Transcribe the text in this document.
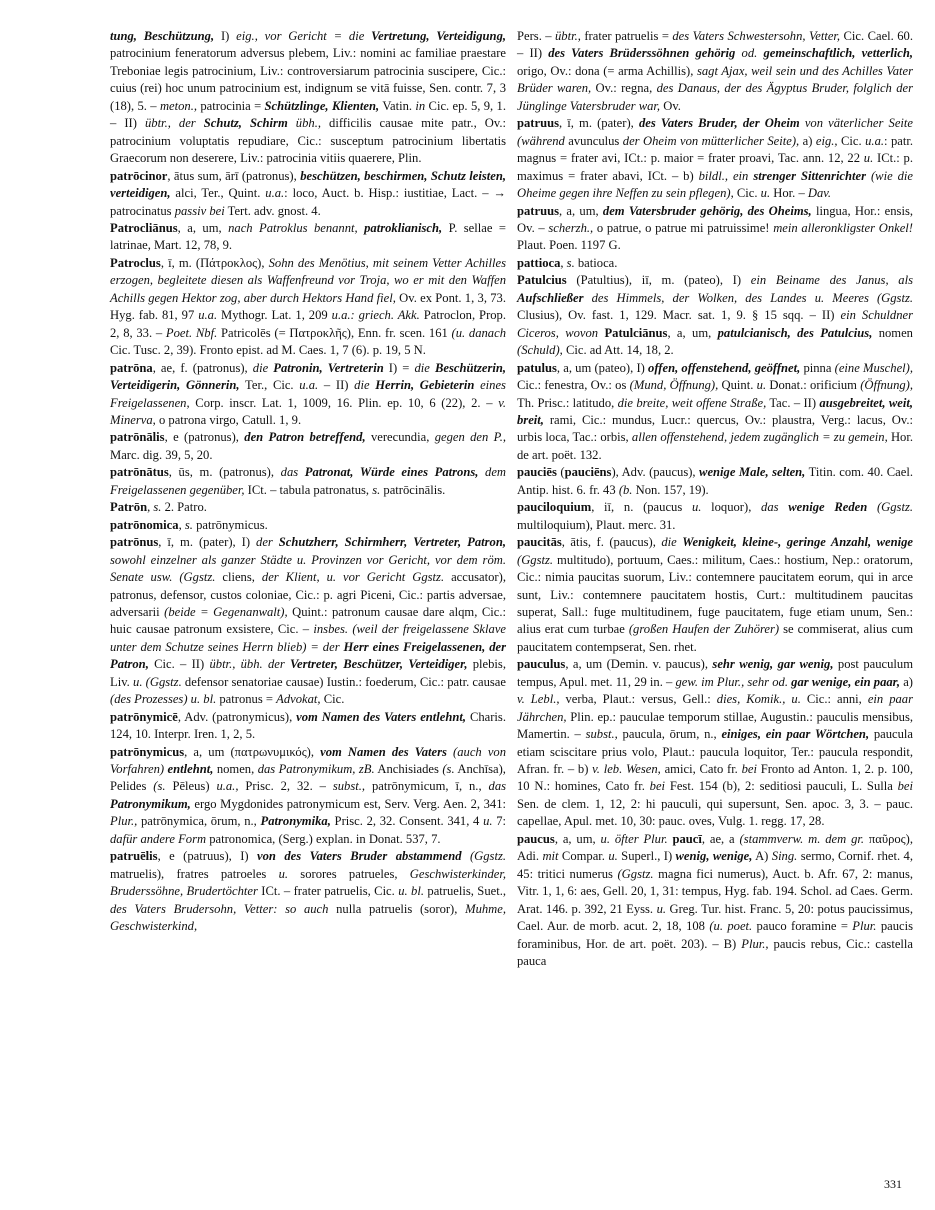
tung, Beschützung, I) eig., vor Gericht = die Vertretung, Verteidigung, patrocinium feneratorum adversus plebem, Liv.: nomini ac familiae praestare Treboniae legis patrocinium, Liv.: controversiarum patrocinia suscipere, Cic.: cuius (rei) hoc unum patrocinium est, indignum se vitā fuisse, Sen. contr. 7, 3 (18), 5. – meton., patrocinia = Schützlinge, Klienten, Vatin. in Cic. ep. 5, 9, 1. – II) übtr., der Schutz, Schirm übh., difficilis causae mite patr., Ov.: patrocinium voluptatis repudiare, Cic.: susceptum patrocinium libertatis Graecorum non deserere, Liv.: patrocinia vitiis quaerere, Plin.

patrōcinor, ātus sum, ārī (patronus), beschützen, beschirmen, Schutz leisten, verteidigen, alci, Ter., Quint. u.a.: loco, Auct. b. Hisp.: iustitiae, Lact. – → patrocinatus passiv bei Tert. adv. gnost. 4.

Patrocliānus, a, um, nach Patroklus benannt, patroklianisch, P. sellae = latrinae, Mart. 12, 78, 9.

Patroclus, ī, m. (Πάτροκλος), Sohn des Menötius, mit seinem Vetter Achilles erzogen, begleitete diesen als Waffenfreund vor Troja, wo er mit den Waffen Achills gegen Hektor zog, aber durch Hektors Hand fiel, Ov. ex Pont. 1, 3, 73. Hyg. fab. 81, 97 u.a. Mythogr. Lat. 1, 209 u.a.: griech. Akk. Patroclon, Prop. 2, 8, 33. – Poet. Nbf. Patricolēs (= Πατροκλῆς), Enn. fr. scen. 161 (u. danach Cic. Tusc. 2, 39). Fronto epist. ad M. Caes. 1, 7 (6). p. 19, 5 N.

patrōna, ae, f. (patronus), die Patronin, Vertreterin I) = die Beschützerin, Verteidigerin, Gönnerin, Ter., Cic. u.a. – II) die Herrin, Gebieterin eines Freigelassenen, Corp. inscr. Lat. 1, 1009, 16. Plin. ep. 10, 6 (22), 2. – v. Minerva, o patrona virgo, Catull. 1, 9.

patrōnālis, e (patronus), den Patron betreffend, verecundia, gegen den P., Marc. dig. 39, 5, 20.

patrōnātus, ūs, m. (patronus), das Patronat, Würde eines Patrons, dem Freigelassenen gegenüber, ICt. – tabula patronatus, s. patrōcinālis.

Patrōn, s. 2. Patro.

patrōnomica, s. patrōnymicus.

patrōnus, ī, m. (pater), I) der Schutzherr, Schirmherr, Vertreter, Patron, sowohl einzelner als ganzer Städte u. Provinzen vor Gericht, vor dem röm. Senate usw. (Ggstz. cliens, der Klient, u. vor Gericht Ggstz. accusator), patronus, defensor, custos coloniae, Cic.: p. agri Piceni, Cic.: partis adversae, adversarii (beide = Gegenanwalt), Quint.: patronum causae dare alqm, Cic.: huic causae patronum exsistere, Cic. – insbes. (weil der freigelassene Sklave unter dem Schutze seines Herrn blieb) = der Herr eines Freigelassenen, der Patron, Cic. – II) übtr., übh. der Vertreter, Beschützer, Verteidiger, plebis, Liv. u. (Ggstz. defensor senatoriae causae) Iustin.: foederum, Cic.: patr. causae (des Prozesses) u. bl. patronus = Advokat, Cic.

patrōnymicē, Adv. (patronymicus), vom Namen des Vaters entlehnt, Charis. 124, 10. Interpr. Iren. 1, 2, 5.

patrōnymicus, a, um (πατρωνυμικός), vom Namen des Vaters (auch von Vorfahren) entlehnt, nomen, das Patronymikum, zB. Anchisiades (s. Anchīsa), Pelides (s. Pēleus) u.a., Prisc. 2, 32. – subst., patrōnymicum, ī, n., das Patronymikum, ergo Mygdonides patronymicum est, Serv. Verg. Aen. 2, 341: Plur., patrōnymica, ōrum, n., Patronymika, Prisc. 2, 32. Consent. 341, 4 u. 7: dafür andere Form patronomica, (Serg.) explan. in Donat. 537, 7.

patruēlis, e (patruus), I) von des Vaters Bruder abstammend (Ggstz. matruelis), fratres patroeles u. sorores patrueles, Geschwisterkinder, Bruderssöhne, Brudertöchter ICt. – frater patruelis, Cic. u. bl. patruelis, Suet., des Vaters Brudersohn, Vetter: so auch nulla patruelis (soror), Muhme, Geschwisterkind,

Pers. – übtr., frater patruelis = des Vaters Schwestersohn, Vetter, Cic. Cael. 60. – II) des Vaters Brüderssöhnen gehörig od. gemeinschaftlich, vetterlich, origo, Ov.: dona (= arma Achillis), sagt Ajax, weil sein und des Achilles Vater Brüder waren, Ov.: regna, des Danaus, der des Ägyptus Bruder, folglich der Jünglinge Vatersbruder war, Ov.

patruus, ī, m. (pater), des Vaters Bruder, der Oheim von väterlicher Seite (während avunculus der Oheim von mütterlicher Seite), a) eig., Cic. u.a.: patr. magnus = frater avi, ICt.: p. maior = frater proavi, Tac. ann. 12, 22 u. ICt.: p. maximus = frater abavi, ICt. – b) bildl., ein strenger Sittenrichter (wie die Oheime gegen ihre Neffen zu sein pflegen), Cic. u. Hor. – Dav.

patruus, a, um, dem Vatersbruder gehörig, des Oheims, lingua, Hor.: ensis, Ov. – scherzh., o patrue, o patrue mi patruissime! mein alleronkligster Onkel! Plaut. Poen. 1197 G.

pattioca, s. batioca.

Patulcius (Patultius), iī, m. (pateo), I) ein Beiname des Janus, als Aufschließer des Himmels, der Wolken, des Landes u. Meeres (Ggstz. Clusius), Ov. fast. 1, 129. Macr. sat. 1, 9. § 15 sqq. – II) ein Schuldner Ciceros, wovon Patulciānus, a, um, patulcianisch, des Patulcius, nomen (Schuld), Cic. ad Att. 14, 18, 2.

patulus, a, um (pateo), I) offen, offenstehend, geöffnet, pinna (eine Muschel), Cic.: fenestra, Ov.: os (Mund, Öffnung), Quint. u. Donat.: orificium (Öffnung), Th. Prisc.: latitudo, die breite, weit offene Straße, Tac. – II) ausgebreitet, weit, breit, rami, Cic.: mundus, Lucr.: quercus, Ov.: plaustra, Verg.: lacus, Ov.: urbis loca, Tac.: orbis, allen offenstehend, jedem zugänglich = zu gemein, Hor. de art. poët. 132.

pauciēs (pauciēns), Adv. (paucus), wenige Male, selten, Titin. com. 40. Cael. Antip. hist. 6. fr. 43 (b. Non. 157, 19).

pauciloquium, iī, n. (paucus u. loquor), das wenige Reden (Ggstz. multiloquium), Plaut. merc. 31.

paucitās, ātis, f. (paucus), die Wenigkeit, kleine-, geringe Anzahl, wenige (Ggstz. multitudo), portuum, Caes.: militum, Caes.: hostium, Nep.: oratorum, Cic.: nimia paucitas suorum, Liv.: contemnere paucitatem eorum, qui in arce sunt, Liv.: contemnere paucitatem hostis, Curt.: multitudinem paucitas superat, Sall.: fuge multitudinem, fuge paucitatem, fuge etiam unum, Sen.: alius erat cum turbae (großen Haufen der Zuhörer) se commiserat, alius cum paucitatem contempserat, Sen. rhet.

pauculus, a, um (Demin. v. paucus), sehr wenig, gar wenig, post pauculum tempus, Apul. met. 11, 29 in. – gew. im Plur., sehr od. gar wenige, ein paar, a) v. Lebl., verba, Plaut.: versus, Gell.: dies, Komik., u. Cic.: anni, ein paar Jährchen, Plin. ep.: pauculae temporum stillae, Augustin.: pauculis mensibus, Mamertin. – subst., paucula, ōrum, n., einiges, ein paar Wörtchen, paucula etiam sciscitare prius volo, Plaut.: paucula loquitor, Ter.: paucula respondit, Afran. fr. – b) v. leb. Wesen, amici, Cato fr. bei Fronto ad Anton. 1, 2. p. 100, 10 N.: homines, Cato fr. bei Fest. 154 (b), 2: seditiosi pauculi, L. Sulla bei Sen. de clem. 1, 12, 2: hi pauculi, qui supersunt, Sen. apoc. 3, 3. – pauc. capellae, Apul. met. 10, 30: pauc. oves, Vulg. 1. regg. 17, 28.

paucus, a, um, u. öfter Plur. paucī, ae, a (stammverw. m. dem gr. παῦρος), Adi. mit Compar. u. Superl., I) wenig, wenige, A) Sing. sermo, Cornif. rhet. 4, 45: tritici numerus (Ggstz. magna fici numerus), Auct. b. Afr. 67, 2: manus, Vitr. 1, 1, 6: aes, Gell. 20, 1, 31: tempus, Hyg. fab. 194. Schol. ad Caes. Germ. Arat. 146. p. 392, 21 Eyss. u. Greg. Tur. hist. Franc. 5, 20: potus paucissimus, Cael. Aur. de morb. acut. 2, 18, 108 (u. poet. pauco foramine = Plur. paucis foraminibus, Hor. de art. poët. 203). – B) Plur., paucis rebus, Cic.: castella pauca

331
